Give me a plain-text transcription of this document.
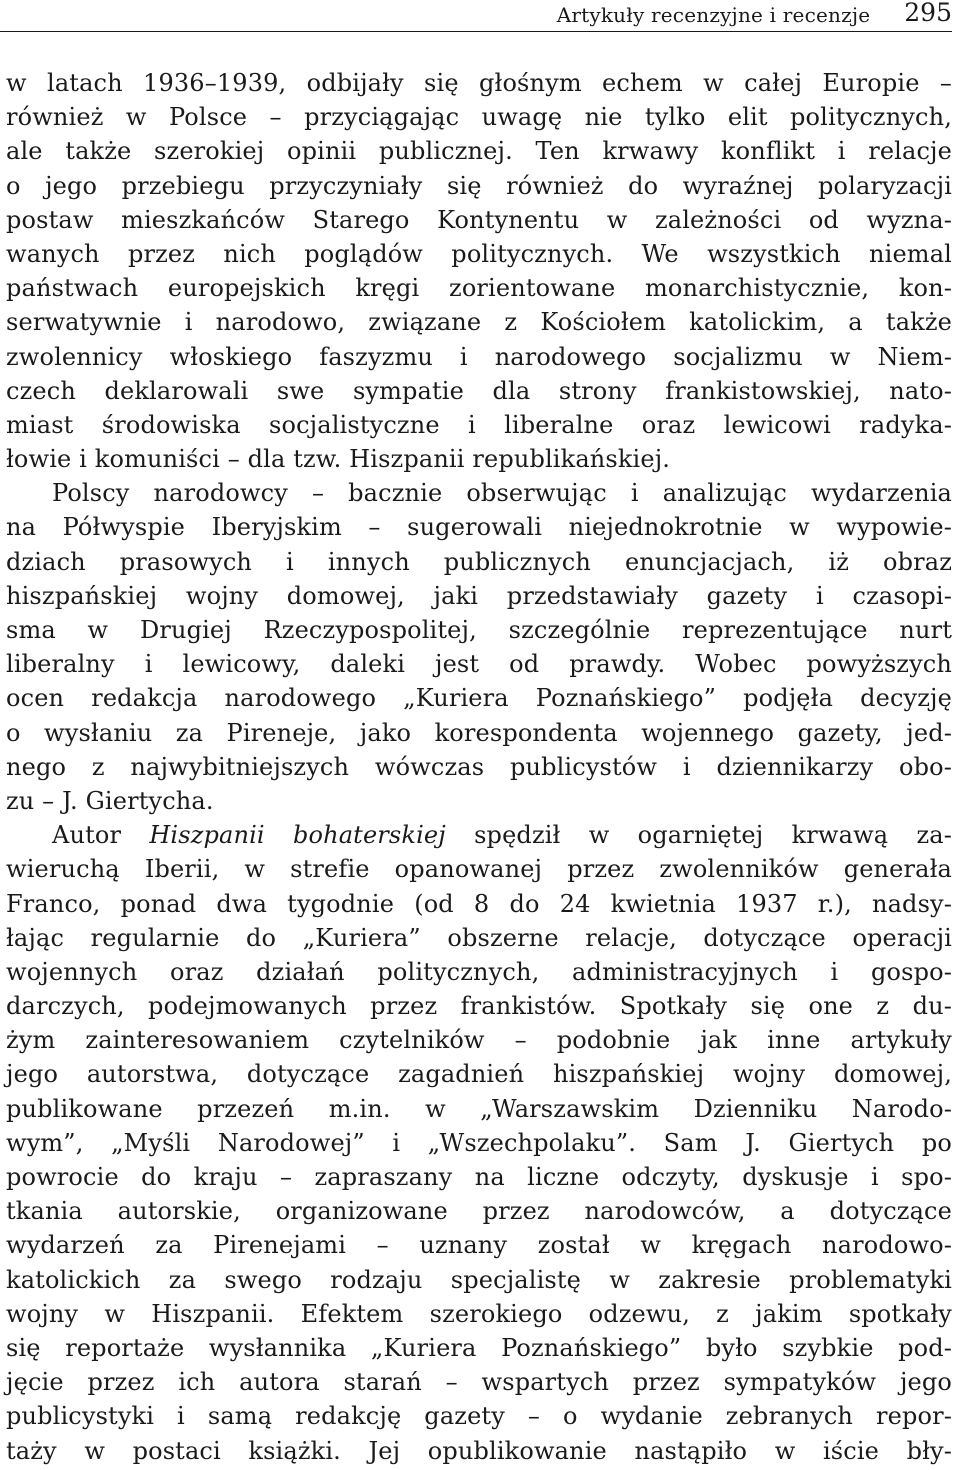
Artykuły recenzyjne i recenzje 295
w latach 1936–1939, odbijały się głośnym echem w całej Europie –
również w Polsce – przyciągając uwagę nie tylko elit politycznych,
ale także szerokiej opinii publicznej. Ten krwawy konflikt i relacje
o jego przebiegu przyczyniały się również do wyraźnej polaryzacji
postaw mieszkańców Starego Kontynentu w zależności od wyzna-
wanych przez nich poglądów politycznych. We wszystkich niemal
państwach europejskich kręgi zorientowane monarchistycznie, kon-
serwatywnie i narodowo, związane z Kościołem katolickim, a także
zwolennicy włoskiego faszyzmu i narodowego socjalizmu w Niem-
czech deklarowali swe sympatie dla strony frankistowskiej, nato-
miast środowiska socjalistyczne i liberalne oraz lewicowi radyka-
łowie i komuniści – dla tzw. Hiszpanii republikańskiej.
Polscy narodowcy – bacznie obserwując i analizując wydarzenia
na Półwyspie Iberyjskim – sugerowali niejednokrotnie w wypowie-
dziach prasowych i innych publicznych enuncjacjach, iż obraz
hiszpańskiej wojny domowej, jaki przedstawiały gazety i czasopi-
sma w Drugiej Rzeczypospolitej, szczególnie reprezentujące nurt
liberalny i lewicowy, daleki jest od prawdy. Wobec powyższych
ocen redakcja narodowego „Kuriera Poznańskiego” podjęła decyzję
o wysłaniu za Pireneje, jako korespondenta wojennego gazety, jed-
nego z najwybitniejszych wówczas publicystów i dziennikarzy obo-
zu – J. Giertycha.
Autor Hiszpanii bohaterskiej spędził w ogarniętej krwawą za-
wieruchą Iberii, w strefie opanowanej przez zwolenników generała
Franco, ponad dwa tygodnie (od 8 do 24 kwietnia 1937 r.), nadsy-
łając regularnie do „Kuriera” obszerne relacje, dotyczące operacji
wojennych oraz działań politycznych, administracyjnych i gospo-
darczych, podejmowanych przez frankistów. Spotkały się one z du-
żym zainteresowaniem czytelników – podobnie jak inne artykuły
jego autorstwa, dotyczące zagadnień hiszpańskiej wojny domowej,
publikowane przezeń m.in. w „Warszawskim Dzienniku Narodo-
wym”, „Myśli Narodowej” i „Wszechpolaku”. Sam J. Giertych po
powrocie do kraju – zapraszany na liczne odczyty, dyskusje i spo-
tkania autorskie, organizowane przez narodowców, a dotyczące
wydarzeń za Pirenejami – uznany został w kręgach narodowo-
katolickich za swego rodzaju specjalistę w zakresie problematyki
wojny w Hiszpanii. Efektem szerokiego odzewu, z jakim spotkały
się reportaże wysłannika „Kuriera Poznańskiego” było szybkie pod-
jęcie przez ich autora starań – wspartych przez sympatyków jego
publicystyki i samą redakcję gazety – o wydanie zebranych repor-
taży w postaci książki. Jej opublikowanie nastąpiło w iście bły-
